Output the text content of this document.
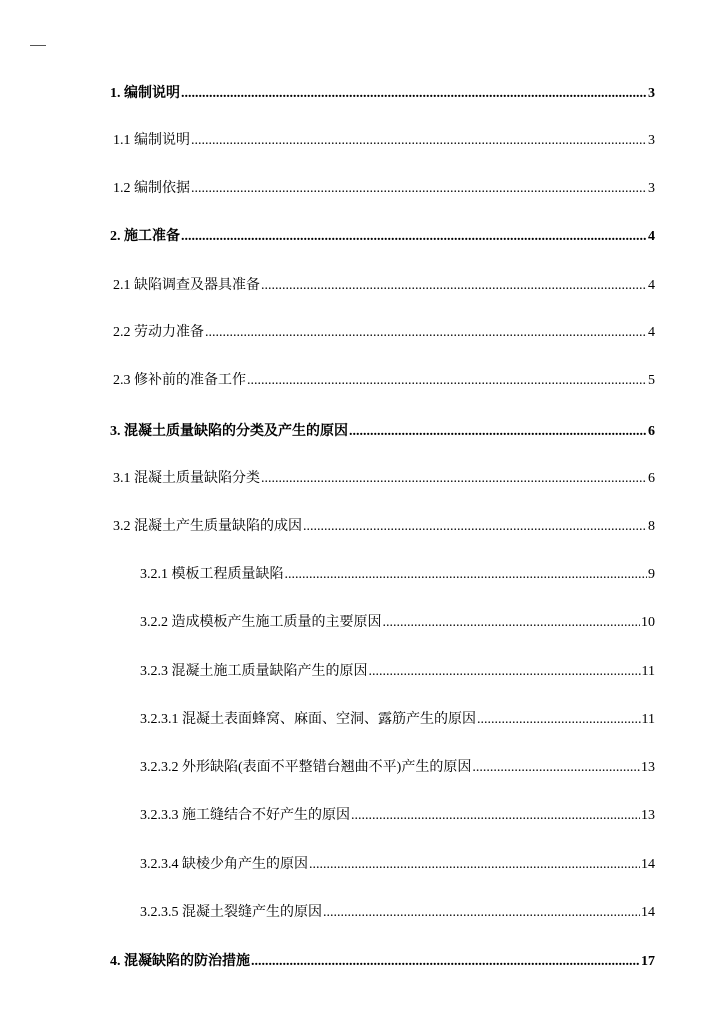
1. 编制说明 .....	3
1.1 编制说明 .....	3
1.2 编制依据 .....	3
2. 施工准备 .....	4
2.1 缺陷调查及器具准备 .....	4
2.2 劳动力准备 .....	4
2.3 修补前的准备工作 .....	5
3. 混凝土质量缺陷的分类及产生的原因 .....	6
3.1 混凝土质量缺陷分类 .....	6
3.2 混凝土产生质量缺陷的成因 .....	8
3.2.1 模板工程质量缺陷 .....	9
3.2.2 造成模板产生施工质量的主要原因 .....	10
3.2.3 混凝土施工质量缺陷产生的原因 .....	11
3.2.3.1 混凝土表面蜂窝、麻面、空洞、露筋产生的原因 .....	11
3.2.3.2 外形缺陷(表面不平整错台翘曲不平)产生的原因 .....	13
3.2.3.3 施工缝结合不好产生的原因 .....	13
3.2.3.4 缺棱少角产生的原因 .....	14
3.2.3.5 混凝土裂缝产生的原因 .....	14
4. 混凝缺陷的防治措施 .....	17
